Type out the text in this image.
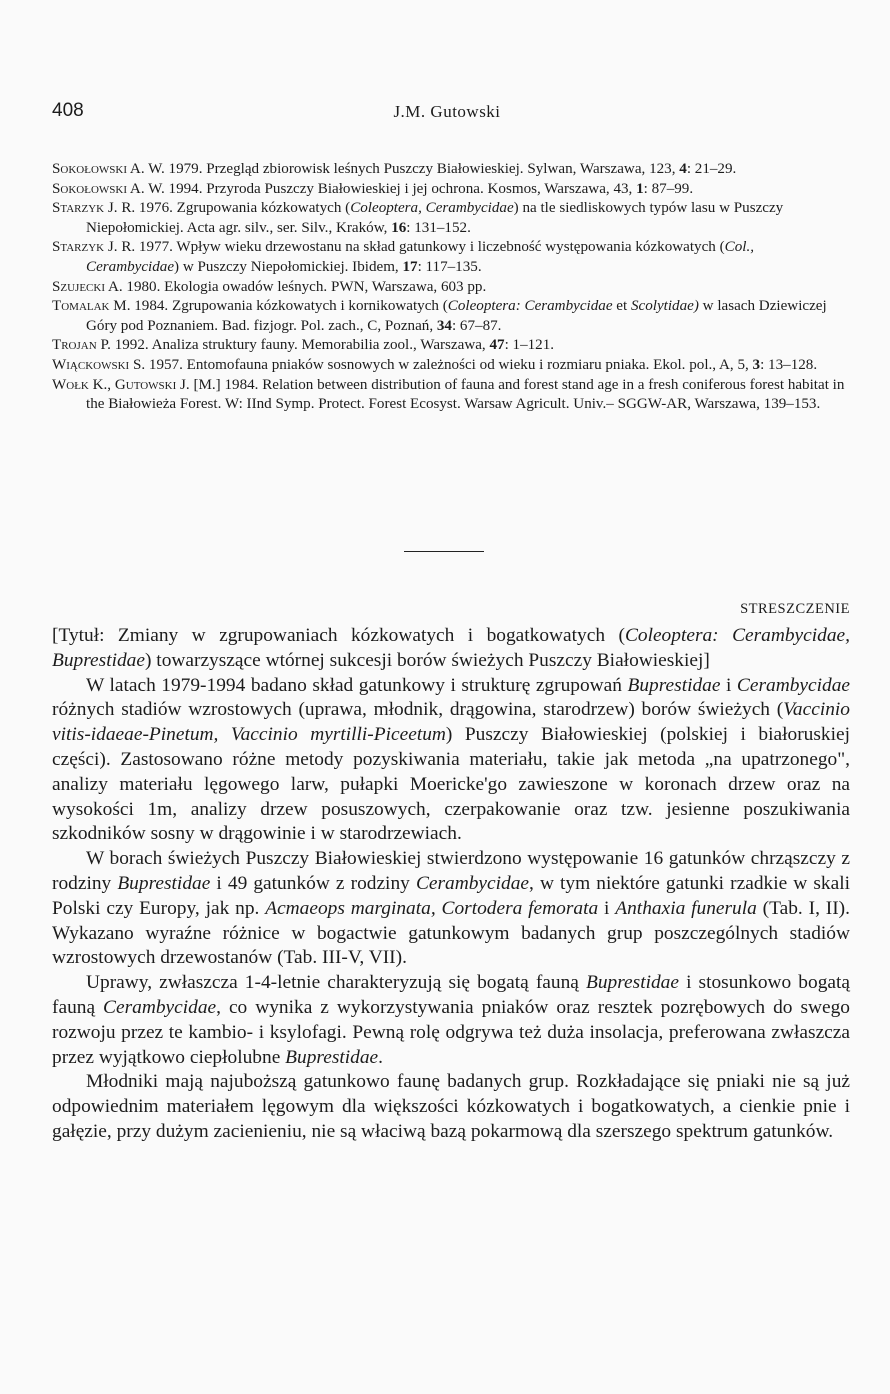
408	J.M. Gutowski

Sokołowski A. W. 1979. Przegląd zbiorowisk leśnych Puszczy Białowieskiej. Sylwan, Warszawa, 123, 4: 21–29.

Sokołowski A. W. 1994. Przyroda Puszczy Białowieskiej i jej ochrona. Kosmos, Warszawa, 43, 1: 87–99.

Starzyk J. R. 1976. Zgrupowania kózkowatych (Coleoptera, Cerambycidae) na tle siedliskowych typów lasu w Puszczy Niepołomickiej. Acta agr. silv., ser. Silv., Kraków, 16: 131–152.

Starzyk J. R. 1977. Wpływ wieku drzewostanu na skład gatunkowy i liczebność występowania kózkowatych (Col., Cerambycidae) w Puszczy Niepołomickiej. Ibidem, 17: 117–135.

Szujecki A. 1980. Ekologia owadów leśnych. PWN, Warszawa, 603 pp.

Tomalak M. 1984. Zgrupowania kózkowatych i kornikowatych (Coleoptera: Cerambycidae et Scolytidae) w lasach Dziewiczej Góry pod Poznaniem. Bad. fizjogr. Pol. zach., C, Poznań, 34: 67–87.

Trojan P. 1992. Analiza struktury fauny. Memorabilia zool., Warszawa, 47: 1–121.

Wiąckowski S. 1957. Entomofauna pniaków sosnowych w zależności od wieku i rozmiaru pniaka. Ekol. pol., A, 5, 3: 13–128.

Wołk K., Gutowski J. [M.] 1984. Relation between distribution of fauna and forest stand age in a fresh coniferous forest habitat in the Białowieża Forest. W: IInd Symp. Protect. Forest Ecosyst. Warsaw Agricult. Univ.– SGGW-AR, Warszawa, 139–153.

STRESZCZENIE

[Tytuł: Zmiany w zgrupowaniach kózkowatych i bogatkowatych (Coleoptera: Cerambycidae, Buprestidae) towarzyszące wtórnej sukcesji borów świeżych Puszczy Białowieskiej]

W latach 1979-1994 badano skład gatunkowy i strukturę zgrupowań Buprestidae i Cerambycidae różnych stadiów wzrostowych (uprawa, młodnik, drągowina, starodrzew) borów świeżych (Vaccinio vitis-idaeae-Pinetum, Vaccinio myrtilli-Piceetum) Puszczy Białowieskiej (polskiej i białoruskiej części). Zastosowano różne metody pozyskiwania materiału, takie jak metoda „na upatrzonego", analizy materiału lęgowego larw, pułapki Moericke'go zawieszone w koronach drzew oraz na wysokości 1m, analizy drzew posuszowych, czerpakowanie oraz tzw. jesienne poszukiwania szkodników sosny w drągowinie i w starodrzewiach.

W borach świeżych Puszczy Białowieskiej stwierdzono występowanie 16 gatunków chrząszczy z rodziny Buprestidae i 49 gatunków z rodziny Cerambycidae, w tym niektóre gatunki rzadkie w skali Polski czy Europy, jak np. Acmaeops marginata, Cortodera femorata i Anthaxia funerula (Tab. I, II). Wykazano wyraźne różnice w bogactwie gatunkowym badanych grup poszczególnych stadiów wzrostowych drzewostanów (Tab. III-V, VII).

Uprawy, zwłaszcza 1-4-letnie charakteryzują się bogatą fauną Buprestidae i stosunkowo bogatą fauną Cerambycidae, co wynika z wykorzystywania pniaków oraz resztek pozrębowych do swego rozwoju przez te kambio- i ksylofagi. Pewną rolę odgrywa też duża insolacja, preferowana zwłaszcza przez wyjątkowo ciepłolubne Buprestidae.

Młodniki mają najuboższą gatunkowo faunę badanych grup. Rozkładające się pniaki nie są już odpowiednim materiałem lęgowym dla większości kózkowatych i bogatkowatych, a cienkie pnie i gałęzie, przy dużym zacienieniu, nie są właciwą bazą pokarmową dla szerszego spektrum gatunków.
